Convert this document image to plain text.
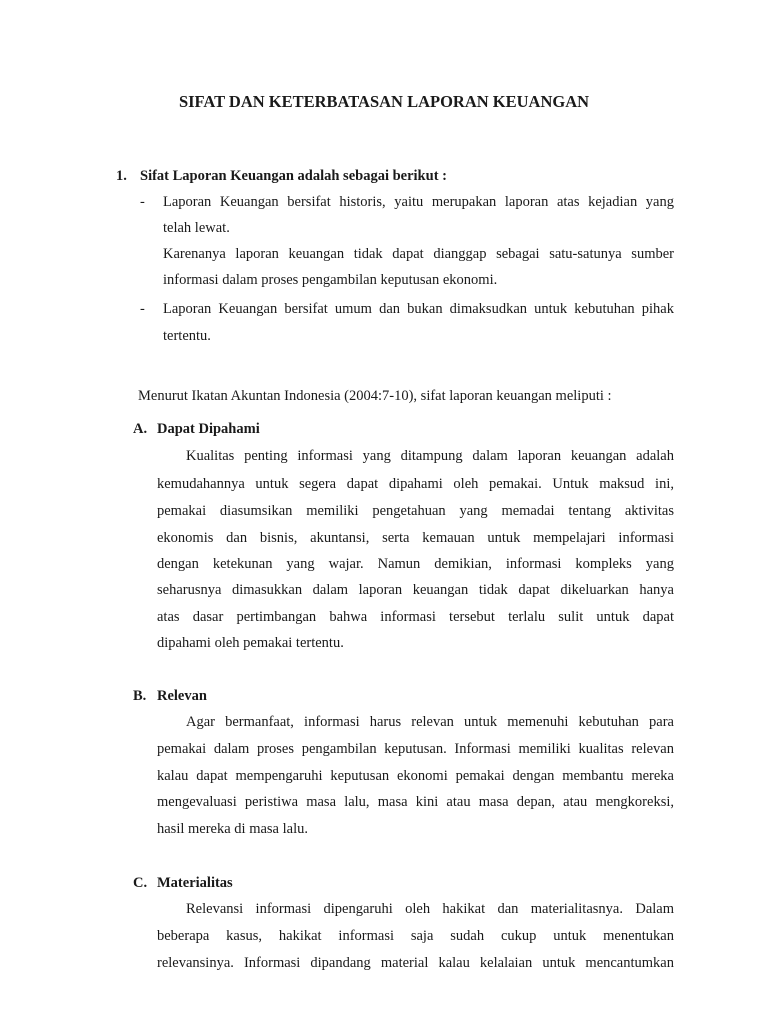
SIFAT DAN KETERBATASAN LAPORAN KEUANGAN
1. Sifat Laporan Keuangan adalah sebagai berikut :
- Laporan Keuangan bersifat historis, yaitu merupakan laporan atas kejadian yang
telah lewat.
Karenanya laporan keuangan tidak dapat dianggap sebagai satu-satunya sumber
informasi dalam proses pengambilan keputusan ekonomi.
- Laporan Keuangan bersifat umum dan bukan dimaksudkan untuk kebutuhan pihak
tertentu.
Menurut Ikatan Akuntan Indonesia (2004:7-10), sifat laporan keuangan meliputi :
A. Dapat Dipahami
Kualitas penting informasi yang ditampung dalam laporan keuangan adalah
kemudahannya untuk segera dapat dipahami oleh pemakai. Untuk maksud ini,
pemakai diasumsikan memiliki pengetahuan yang memadai tentang aktivitas
ekonomis dan bisnis, akuntansi, serta kemauan untuk mempelajari informasi
dengan ketekunan yang wajar. Namun demikian, informasi kompleks yang
seharusnya dimasukkan dalam laporan keuangan tidak dapat dikeluarkan hanya
atas dasar pertimbangan bahwa informasi tersebut terlalu sulit untuk dapat
dipahami oleh pemakai tertentu.
B. Relevan
Agar bermanfaat, informasi harus relevan untuk memenuhi kebutuhan para
pemakai dalam proses pengambilan keputusan. Informasi memiliki kualitas relevan
kalau dapat mempengaruhi keputusan ekonomi pemakai dengan membantu mereka
mengevaluasi peristiwa masa lalu, masa kini atau masa depan, atau mengkoreksi,
hasil mereka di masa lalu.
C. Materialitas
Relevansi informasi dipengaruhi oleh hakikat dan materialitasnya. Dalam
beberapa kasus, hakikat informasi saja sudah cukup untuk menentukan
relevansinya. Informasi dipandang material kalau kelalaian untuk mencantumkan
